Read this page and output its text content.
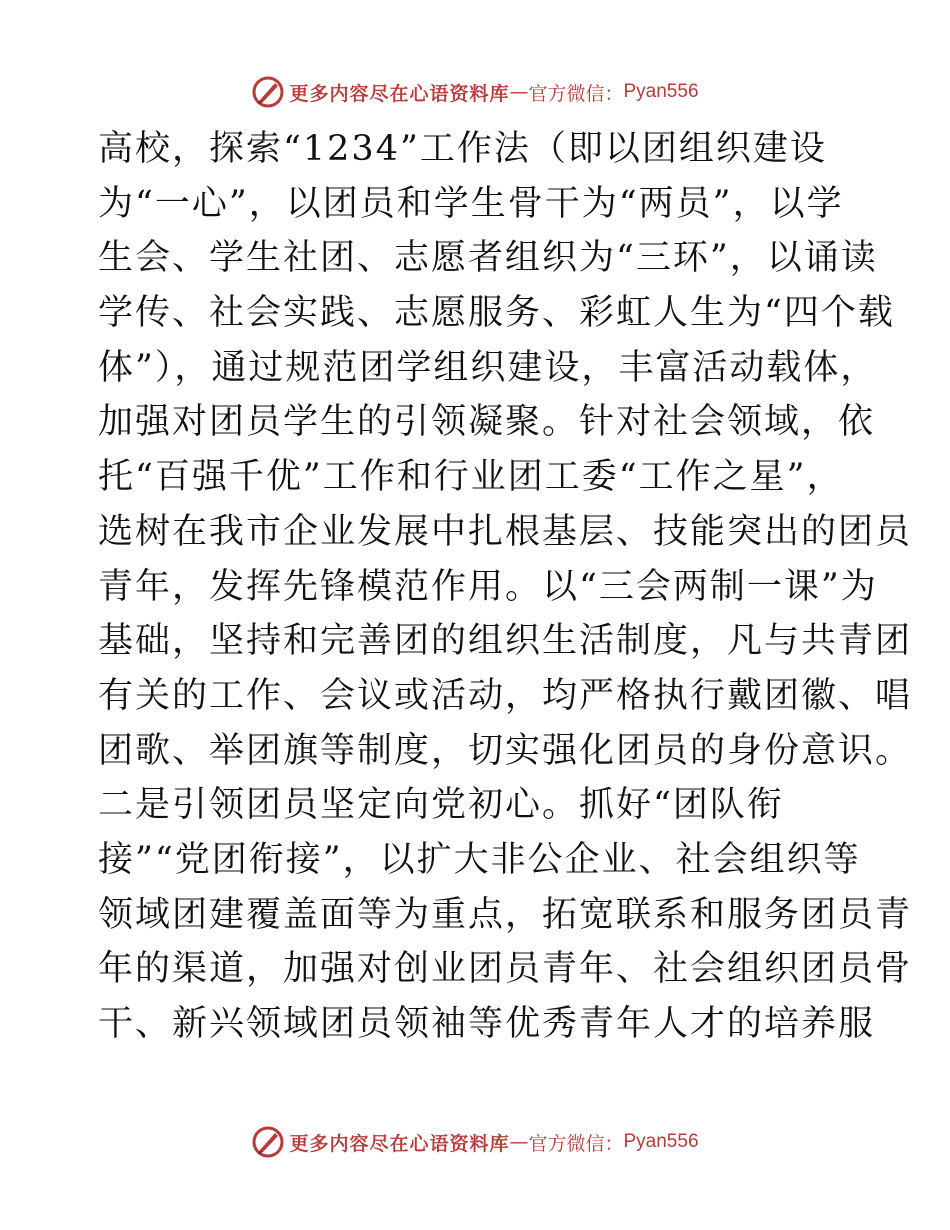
更多内容尽在心语资料库 — 官方微信： Pyan556
高校，探索“1234”工作法（即以团组织建设
为“一心”，以团员和学生骨干为“两员”，以学
生会、学生社团、志愿者组织为“三环”，以诵读
学传、社会实践、志愿服务、彩虹人生为“四个载
体”），通过规范团学组织建设，丰富活动载体，
加强对团员学生的引领凝聚。针对社会领域，依
托“百强千优”工作和行业团工委“工作之星”，
选树在我市企业发展中扎根基层、技能突出的团员
青年，发挥先锋模范作用。以“三会两制一课”为
基础，坚持和完善团的组织生活制度，凡与共青团
有关的工作、会议或活动，均严格执行戴团徽、唱
团歌、举团旗等制度，切实强化团员的身份意识。
二是引领团员坚定向党初心。抓好“团队衔
接”“党团衔接”，以扩大非公企业、社会组织等
领域团建覆盖面等为重点，拓宽联系和服务团员青
年的渠道，加强对创业团员青年、社会组织团员骨
干、新兴领域团员领袖等优秀青年人才的培养服
更多内容尽在心语资料库 — 官方微信： Pyan556
